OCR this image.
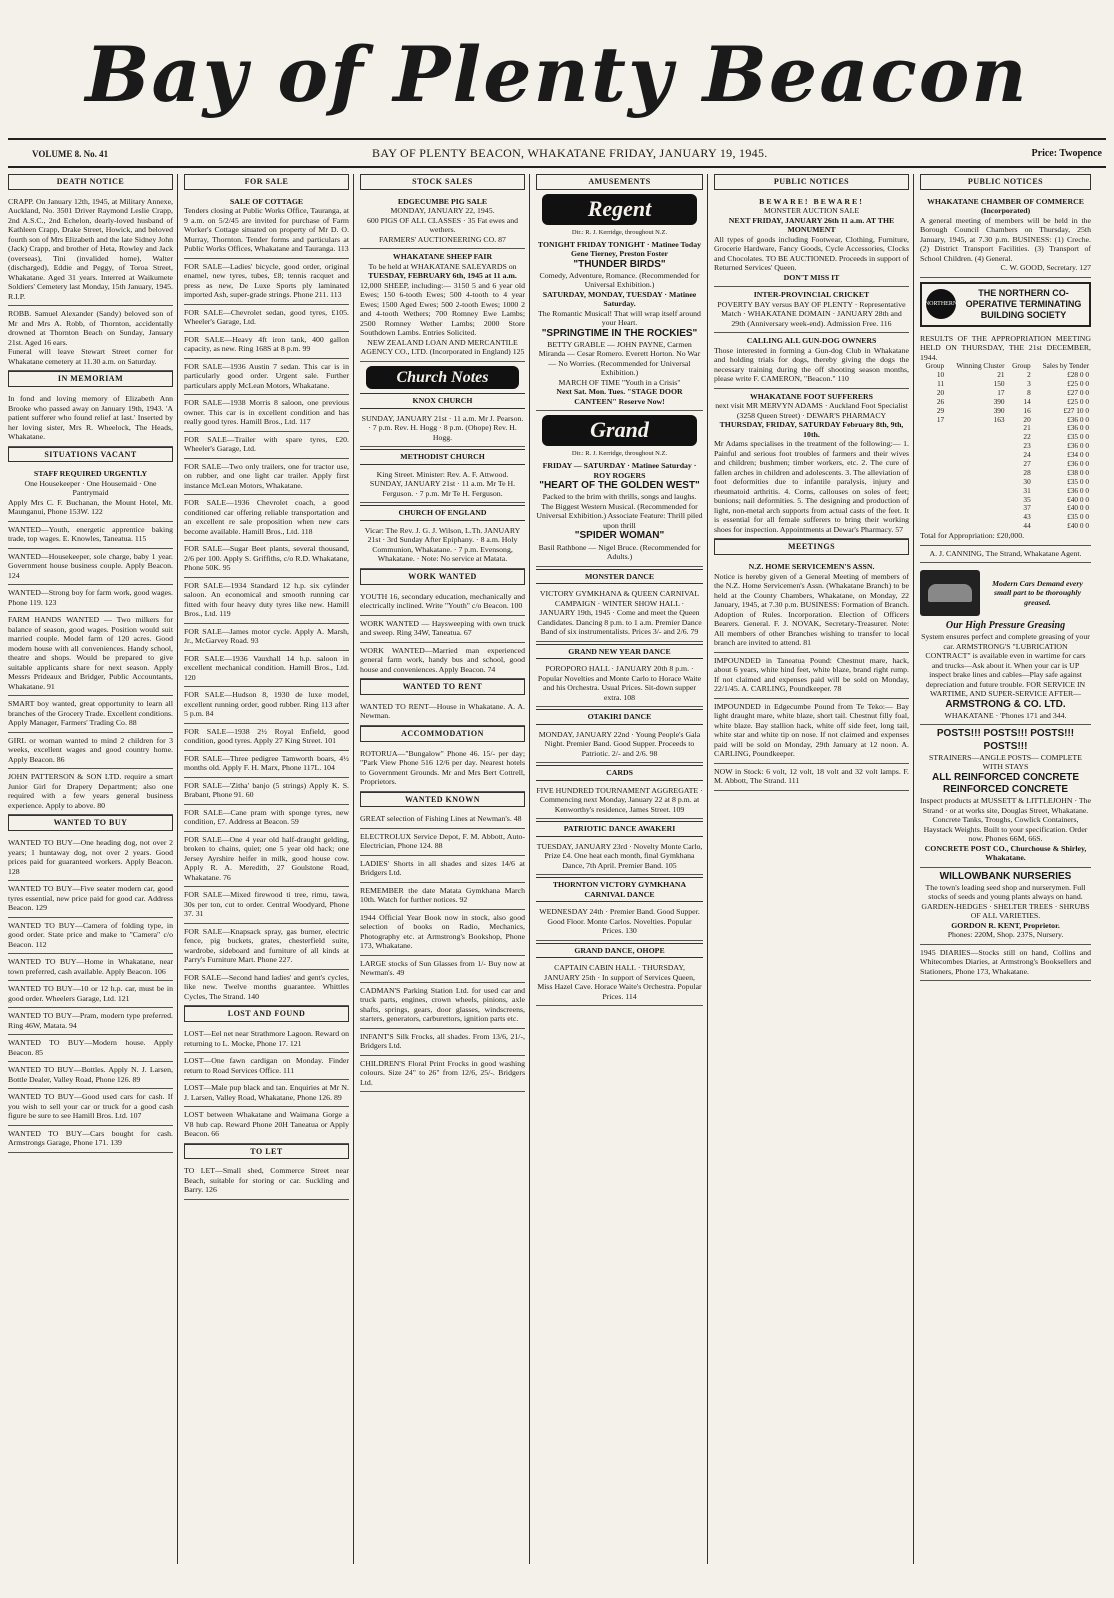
Bay of Plenty Beacon
VOLUME 8. No. 41	BAY OF PLENTY BEACON, WHAKATANE FRIDAY, JANUARY 19, 1945.	Price: Twopence
DEATH NOTICE
CRAPP. On January 12th, 1945, at Military Annexe, Auckland, No. 3501 Driver Raymond Leslie Crapp, 2nd A.S.C., 2nd Echelon, dearly-loved husband of Kathleen Crapp, Drake Street, Howick, and beloved fourth son of Mrs Elizabeth and the late Sidney John (Jack) Crapp, and brother of Heta, Rowley and Jack (overseas), Tini (invalided home), Walter (discharged), Eddie and Peggy, of Toroa Street, Whakatane. Aged 31 years. Interred at Waikumete Soldiers' Cemetery last Monday, 15th January, 1945. R.I.P.
ROBB. Samuel Alexander (Sandy) beloved son of Mr and Mrs A. Robb, of Thornton, accidentally drowned at Thornton Beach on Sunday, January 21st. Aged 16 ears.
Funeral will leave Stewart Street corner for Whakatane cemetery at 11.30 a.m. on Saturday.
IN MEMORIAM
In fond and loving memory of Elizabeth Ann Brooke who passed away on January 19th, 1943. 'A patient sufferer who found relief at last.' Inserted by her loving sister, Mrs R. Wheelock, The Heads, Whakatane.
SITUATIONS VACANT
STAFF REQUIRED URGENTLY
One Housekeeper · One Housemaid · One Pantrymaid
Apply Mrs C. F. Buchanan, the Mount Hotel, Mt. Maunganui, Phone 153W. 122
WANTED—Youth, energetic apprentice baking trade, top wages. E. Knowles, Taneatua. 115
WANTED—Housekeeper, sole charge, baby 1 year. Government house business couple. Apply Beacon. 124
WANTED—Strong boy for farm work, good wages. Phone 119. 123
FARM HANDS WANTED — Two milkers for balance of season, good wages. Position would suit married couple. Model farm of 120 acres. Good modern house with all conveniences. Handy school, theatre and shops. Would be prepared to give suitable applicants share for next season. Apply Messrs Prideaux and Bridger, Public Accountants, Whakatane. 91
SMART boy wanted, great opportunity to learn all branches of the Grocery Trade. Excellent conditions. Apply Manager, Farmers' Trading Co. 88
GIRL or woman wanted to mind 2 children for 3 weeks, excellent wages and good country home. Apply Beacon. 86
JOHN PATTERSON & SON LTD. require a smart Junior Girl for Drapery Department; also one required with a few years general business experience. Apply to above. 80
WANTED TO BUY
WANTED TO BUY—One heading dog, not over 2 years; 1 huntaway dog, not over 2 years. Good prices paid for guaranteed workers. Apply Beacon. 128
WANTED TO BUY—Five seater modern car, good tyres essential, new price paid for good car. Address Beacon. 129
WANTED TO BUY—Camera of folding type, in good order. State price and make to "Camera" c/o Beacon. 112
WANTED TO BUY—Home in Whakatane, near town preferred, cash available. Apply Beacon. 106
WANTED TO BUY—10 or 12 h.p. car, must be in good order. Wheelers Garage, Ltd. 121
WANTED TO BUY—Pram, modern type preferred. Ring 46W, Matata. 94
WANTED TO BUY—Modern house. Apply Beacon. 85
WANTED TO BUY—Bottles. Apply N. J. Larsen, Bottle Dealer, Valley Road, Phone 126. 89
WANTED TO BUY—Good used cars for cash. If you wish to sell your car or truck for a good cash figure be sure to see Hamill Bros. Ltd. 107
WANTED TO BUY—Cars bought for cash. Armstrongs Garage, Phone 171. 139
FOR SALE
SALE OF COTTAGE
Tenders closing at Public Works Office, Tauranga, at 9 a.m. on 5/2/45 are invited for purchase of Farm Worker's Cottage situated on property of Mr D. O. Murray, Thornton. Tender forms and particulars at Public Works Offices, Whakatane and Tauranga. 113
FOR SALE—Ladies' bicycle, good order, original enamel, new tyres, tubes, £8; tennis racquet and press as new, De Luxe Sports ply laminated imported Ash, super-grade strings. Phone 211. 113
FOR SALE—Chevrolet sedan, good tyres, £105. Wheeler's Garage, Ltd.
FOR SALE—Heavy 4ft iron tank, 400 gallon capacity, as new. Ring 168S at 8 p.m. 99
FOR SALE—1936 Austin 7 sedan. This car is in particularly good order. Urgent sale. Further particulars apply McLean Motors, Whakatane.
FOR SALE—1938 Morris 8 saloon, one previous owner. This car is in excellent condition and has really good tyres. Hamill Bros., Ltd. 117
FOR SALE—Trailer with spare tyres, £20. Wheeler's Garage, Ltd.
FOR SALE—Two only trailers, one for tractor use, on rubber, and one light car trailer. Apply first instance McLean Motors, Whakatane.
FOR SALE—1936 Chevrolet coach, a good conditioned car offering reliable transportation and an excellent re sale proposition when new cars become available. Hamill Bros., Ltd. 118
FOR SALE—Sugar Beet plants, several thousand, 2/6 per 100. Apply S. Griffiths, c/o R.D. Whakatane, Phone 50K. 95
FOR SALE—1934 Standard 12 h.p. six cylinder saloon. An economical and smooth running car fitted with four heavy duty tyres like new. Hamill Bros., Ltd. 119
FOR SALE—James motor cycle. Apply A. Marsh, Jr., McGarvey Road. 93
FOR SALE—1936 Vauxhall 14 h.p. saloon in excellent mechanical condition. Hamill Bros., Ltd. 120
FOR SALE—Hudson 8, 1930 de luxe model, excellent running order, good rubber. Ring 113 after 5 p.m. 84
FOR SALE—1938 2½ Royal Enfield, good condition, good tyres. Apply 27 King Street. 101
FOR SALE—Three pedigree Tamworth boars, 4½ months old. Apply F. H. Marx, Phone 117L. 104
FOR SALE—'Zitha' banjo (5 strings) Apply K. S. Brabant, Phone 91. 60
FOR SALE—Cane pram with sponge tyres, new condition, £7. Address at Beacon. 59
FOR SALE—One 4 year old half-draught gelding, broken to chains, quiet; one 5 year old hack; one Jersey Ayrshire heifer in milk, good house cow. Apply R. A. Meredith, 27 Goulstone Road, Whakatane. 76
FOR SALE—Mixed firewood ti tree, rimu, tawa, 30s per ton, cut to order. Central Woodyard, Phone 37. 31
FOR SALE—Knapsack spray, gas burner, electric fence, pig buckets, grates, chesterfield suite, wardrobe, sideboard and furniture of all kinds at Parry's Furniture Mart. Phone 227.
FOR SALE—Second hand ladies' and gent's cycles, like new. Twelve months guarantee. Whittles Cycles, The Strand. 140
LOST AND FOUND
LOST—Eel net near Strathmore Lagoon. Reward on returning to L. Mocke, Phone 17. 121
LOST—One fawn cardigan on Monday. Finder return to Road Services Office. 111
LOST—Male pup black and tan. Enquiries at Mr N. J. Larsen, Valley Road, Whakatane, Phone 126. 89
LOST between Whakatane and Waimana Gorge a V8 hub cap. Reward Phone 20H Taneatua or Apply Beacon. 66
TO LET
TO LET—Small shed, Commerce Street near Beach, suitable for storing or car. Suckling and Barry. 126
STOCK SALES
EDGECUMBE PIG SALE
MONDAY, JANUARY 22, 1945.
600 PIGS OF ALL CLASSES · 35 Fat ewes and wethers.
FARMERS' AUCTIONEERING CO. 87
WHAKATANE SHEEP FAIR
To be held at WHAKATANE SALEYARDS on
TUESDAY, FEBRUARY 6th, 1945 at 11 a.m.
12,000 SHEEP, including:— 3150 5 and 6 year old Ewes; 150 6-tooth Ewes; 500 4-tooth to 4 year Ewes; 1500 Aged Ewes; 500 2-tooth Ewes; 1000 2 and 4-tooth Wethers; 700 Romney Ewe Lambs; 2500 Romney Wether Lambs; 2000 Store Southdown Lambs. Entries Solicited.
NEW ZEALAND LOAN AND MERCANTILE AGENCY CO., LTD. (Incorporated in England) 125
Church Notes
KNOX CHURCH
SUNDAY, JANUARY 21st · 11 a.m. Mr J. Pearson. · 7 p.m. Rev. H. Hogg · 8 p.m. (Ohope) Rev. H. Hogg.
METHODIST CHURCH
King Street. Minister: Rev. A. F. Attwood. SUNDAY, JANUARY 21st · 11 a.m. Mr Te H. Ferguson. · 7 p.m. Mr Te H. Ferguson.
CHURCH OF ENGLAND
Vicar: The Rev. J. G. J. Wilson, L.Th. JANUARY 21st · 3rd Sunday After Epiphany. · 8 a.m. Holy Communion, Whakatane. · 7 p.m. Evensong, Whakatane. · Note: No service at Matata.
WORK WANTED
YOUTH 16, secondary education, mechanically and electrically inclined. Write "Youth" c/o Beacon. 100
WORK WANTED — Haysweeping with own truck and sweep. Ring 34W, Taneatua. 67
WORK WANTED—Married man experienced general farm work, handy bus and school, good house and conveniences. Apply Beacon. 74
WANTED TO RENT
WANTED TO RENT—House in Whakatane. A. A. Newman.
ACCOMMODATION
ROTORUA—"Bungalow" Phone 46. 15/- per day; "Park View Phone 516 12/6 per day. Nearest hotels to Government Grounds. Mr and Mrs Bert Cottrell, Proprietors.
WANTED KNOWN
GREAT selection of Fishing Lines at Newman's. 48
ELECTROLUX Service Depot, F. M. Abbott, Auto-Electrician, Phone 124. 88
LADIES' Shorts in all shades and sizes 14/6 at Bridgers Ltd.
REMEMBER the date Matata Gymkhana March 10th. Watch for further notices. 92
1944 Official Year Book now in stock, also good selection of books on Radio, Mechanics, Photography etc. at Armstrong's Bookshop, Phone 173, Whakatane.
LARGE stocks of Sun Glasses from 1/- Buy now at Newman's. 49
CADMAN'S Parking Station Ltd. for used car and truck parts, engines, crown wheels, pinions, axle shafts, springs, gears, door glasses, windscreens, starters, generators, carburettors, ignition parts etc.
INFANT'S Silk Frocks, all shades. From 13/6, 21/-, Bridgers Ltd.
CHILDREN'S Floral Print Frocks in good washing colours. Size 24" to 26" from 12/6, 25/-. Bridgers Ltd.
AMUSEMENTS
Regent
Dir.: R. J. Kerridge, throughout N.Z.
TONIGHT FRIDAY TONIGHT · Matinee Today
Gene Tierney, Preston Foster
"THUNDER BIRDS"
Comedy, Adventure, Romance. (Recommended for Universal Exhibition.)
SATURDAY, MONDAY, TUESDAY · Matinee Saturday.
The Romantic Musical! That will wrap itself around your Heart.
"SPRINGTIME IN THE ROCKIES"
BETTY GRABLE — JOHN PAYNE, Carmen Miranda — Cesar Romero. Everett Horton. No War — No Worries. (Recommended for Universal Exhibition.)
MARCH OF TIME "Youth in a Crisis"
Next Sat. Mon. Tues. "STAGE DOOR CANTEEN" Reserve Now!
Grand
Dir.: R. J. Kerridge, throughout N.Z.
FRIDAY — SATURDAY · Matinee Saturday · ROY ROGERS
"HEART OF THE GOLDEN WEST"
Packed to the brim with thrills, songs and laughs. The Biggest Western Musical. (Recommended for Universal Exhibition.) Associate Feature: Thrill piled upon thrill
"SPIDER WOMAN"
Basil Rathbone — Nigel Bruce. (Recommended for Adults.)
MONSTER DANCE
VICTORY GYMKHANA & QUEEN CARNIVAL CAMPAIGN · WINTER SHOW HALL · JANUARY 19th, 1945 · Come and meet the Queen Candidates. Dancing 8 p.m. to 1 a.m. Premier Dance Band of six instrumentalists. Prices 3/- and 2/6. 79
GRAND NEW YEAR DANCE
POROPORO HALL · JANUARY 20th 8 p.m. · Popular Novelties and Monte Carlo to Horace Waite and his Orchestra. Usual Prices. Sit-down supper extra. 108
OTAKIRI DANCE
MONDAY, JANUARY 22nd · Young People's Gala Night. Premier Band. Good Supper. Proceeds to Patriotic. 2/- and 2/6. 98
CARDS
FIVE HUNDRED TOURNAMENT AGGREGATE · Commencing next Monday, January 22 at 8 p.m. at Kenworthy's residence, James Street. 109
PATRIOTIC DANCE AWAKERI
TUESDAY, JANUARY 23rd · Novelty Monte Carlo, Prize £4. One heat each month, final Gymkhana Dance, 7th April. Premier Band. 105
THORNTON VICTORY GYMKHANA CARNIVAL DANCE
WEDNESDAY 24th · Premier Band. Good Supper. Good Floor. Monte Carlos. Novelties. Popular Prices. 130
GRAND DANCE, OHOPE
CAPTAIN CABIN HALL · THURSDAY, JANUARY 25th · In support of Services Queen, Miss Hazel Cave. Horace Waite's Orchestra. Popular Prices. 114
PUBLIC NOTICES
BEWARE! BEWARE!
MONSTER AUCTION SALE
NEXT FRIDAY, JANUARY 26th 11 a.m. AT THE MONUMENT
All types of goods including Footwear, Clothing, Furniture, Grocerie Hardware, Fancy Goods, Cycle Accessories, Clocks and Chocolates. TO BE AUCTIONED. Proceeds in support of Returned Services' Queen.
DON'T MISS IT
INTER-PROVINCIAL CRICKET
POVERTY BAY versus BAY OF PLENTY · Representative Match · WHAKATANE DOMAIN · JANUARY 28th and 29th (Anniversary week-end). Admission Free. 116
CALLING ALL GUN-DOG OWNERS
Those interested in forming a Gun-dog Club in Whakatane and holding trials for dogs, thereby giving the dogs the necessary training during the off shooting season months, please write F. CAMERON, "Beacon." 110
WHAKATANE FOOT SUFFERERS
next visit MR MERVYN ADAMS · Auckland Foot Specialist (3258 Queen Street) · DEWAR'S PHARMACY
THURSDAY, FRIDAY, SATURDAY February 8th, 9th, 10th.
Mr Adams specialises in the treatment of the following:— 1. Painful and serious foot troubles of farmers and their wives and children; bushmen; timber workers, etc. 2. The cure of fallen arches in children and adolescents. 3. The alleviation of foot deformities due to infantile paralysis, injury and rheumatoid arthritis. 4. Corns, callouses on soles of feet; bunions; nail deformities. 5. The designing and production of light, non-metal arch supports from actual casts of the feet. It is essential for all female sufferers to bring their working shoes for inspection. Appointments at Dewar's Pharmacy. 57
MEETINGS
N.Z. HOME SERVICEMEN'S ASSN.
Notice is hereby given of a General Meeting of members of the N.Z. Home Servicemen's Assn. (Whakatane Branch) to be held at the County Chambers, Whakatane, on Monday, 22 January, 1945, at 7.30 p.m. BUSINESS: Formation of Branch. Adoption of Rules. Incorporation. Election of Officers Bearers. General. F. J. NOVAK, Secretary-Treasurer. Note: All members of other Branches wishing to transfer to local branch are invited to attend. 81
IMPOUNDED in Taneatua Pound: Chestnut mare, hack, about 6 years, white hind feet, white blaze, brand right rump. If not claimed and expenses paid will be sold on Monday, 22/1/45. A. CARLING, Poundkeeper. 78
IMPOUNDED in Edgecumbe Pound from Te Teko:— Bay light draught mare, white blaze, short tail. Chestnut filly foal, white blaze. Bay stallion hack, white off side feet, long tail, white star and white tip on nose. If not claimed and expenses paid will be sold on Monday, 29th January at 12 noon. A. CARLING, Poundkeeper.
NOW in Stock: 6 volt, 12 volt, 18 volt and 32 volt lamps. F. M. Abbott, The Strand. 111
PUBLIC NOTICES
WHAKATANE CHAMBER OF COMMERCE (Incorporated)
A general meeting of members will be held in the Borough Council Chambers on Thursday, 25th January, 1945, at 7.30 p.m. BUSINESS: (1) Creche. (2) District Transport Facilities. (3) Transport of School Children. (4) General.
C. W. GOOD, Secretary. 127
NORTHERN
THE NORTHERN CO-OPERATIVE TERMINATING BUILDING SOCIETY
RESULTS OF THE APPROPRIATION MEETING HELD ON THURSDAY, THE 21st DECEMBER, 1944.
Group	Winning Cluster	Group	Sales by Tender
10	21	2	£28 0 0
11	150	3	£25 0 0
20	17	8	£27 0 0
26	390	14	£25 0 0
29	390	16	£27 10 0
17	163	20	£36 0 0
		21	£36 0 0
		22	£35 0 0
		23	£36 0 0
		24	£34 0 0
		27	£36 0 0
		28	£38 0 0
		30	£35 0 0
		31	£36 0 0
		35	£40 0 0
		37	£40 0 0
		43	£35 0 0
		44	£40 0 0
Total for Appropriation: £20,000.
A. J. CANNING, The Strand, Whakatane Agent.
Modern Cars Demand every small part to be thoroughly greased.
Our High Pressure Greasing
System ensures perfect and complete greasing of your car. ARMSTRONG'S "LUBRICATION CONTRACT" is available even in wartime for cars and trucks—Ask about it. When your car is UP inspect brake lines and cables—Play safe against depreciation and future trouble. FOR SERVICE IN WARTIME, AND SUPER-SERVICE AFTER—
ARMSTRONG & CO. LTD.
WHAKATANE · 'Phones 171 and 344.
POSTS!!! POSTS!!! POSTS!!! POSTS!!!
STRAINERS—ANGLE POSTS— COMPLETE WITH STAYS
ALL REINFORCED CONCRETE REINFORCED CONCRETE
Inspect products at MUSSETT & LITTLEJOHN · The Strand · or at works site, Douglas Street, Whakatane.
Concrete Tanks, Troughs, Cowlick Containers, Haystack Weights. Built to your specification. Order now. Phones 66M, 66S.
CONCRETE POST CO., Churchouse & Shirley, Whakatane.
WILLOWBANK NURSERIES
The town's leading seed shop and nurserymen. Full stocks of seeds and young plants always on hand. GARDEN-HEDGES · SHELTER TREES · SHRUBS OF ALL VARIETIES.
GORDON R. KENT, Proprietor.
Phones: 220M, Shop. 237S, Nursery.
1945 DIARIES—Stocks still on hand, Collins and Whitecombes Diaries, at Armstrong's Booksellers and Stationers, Phone 173, Whakatane.
